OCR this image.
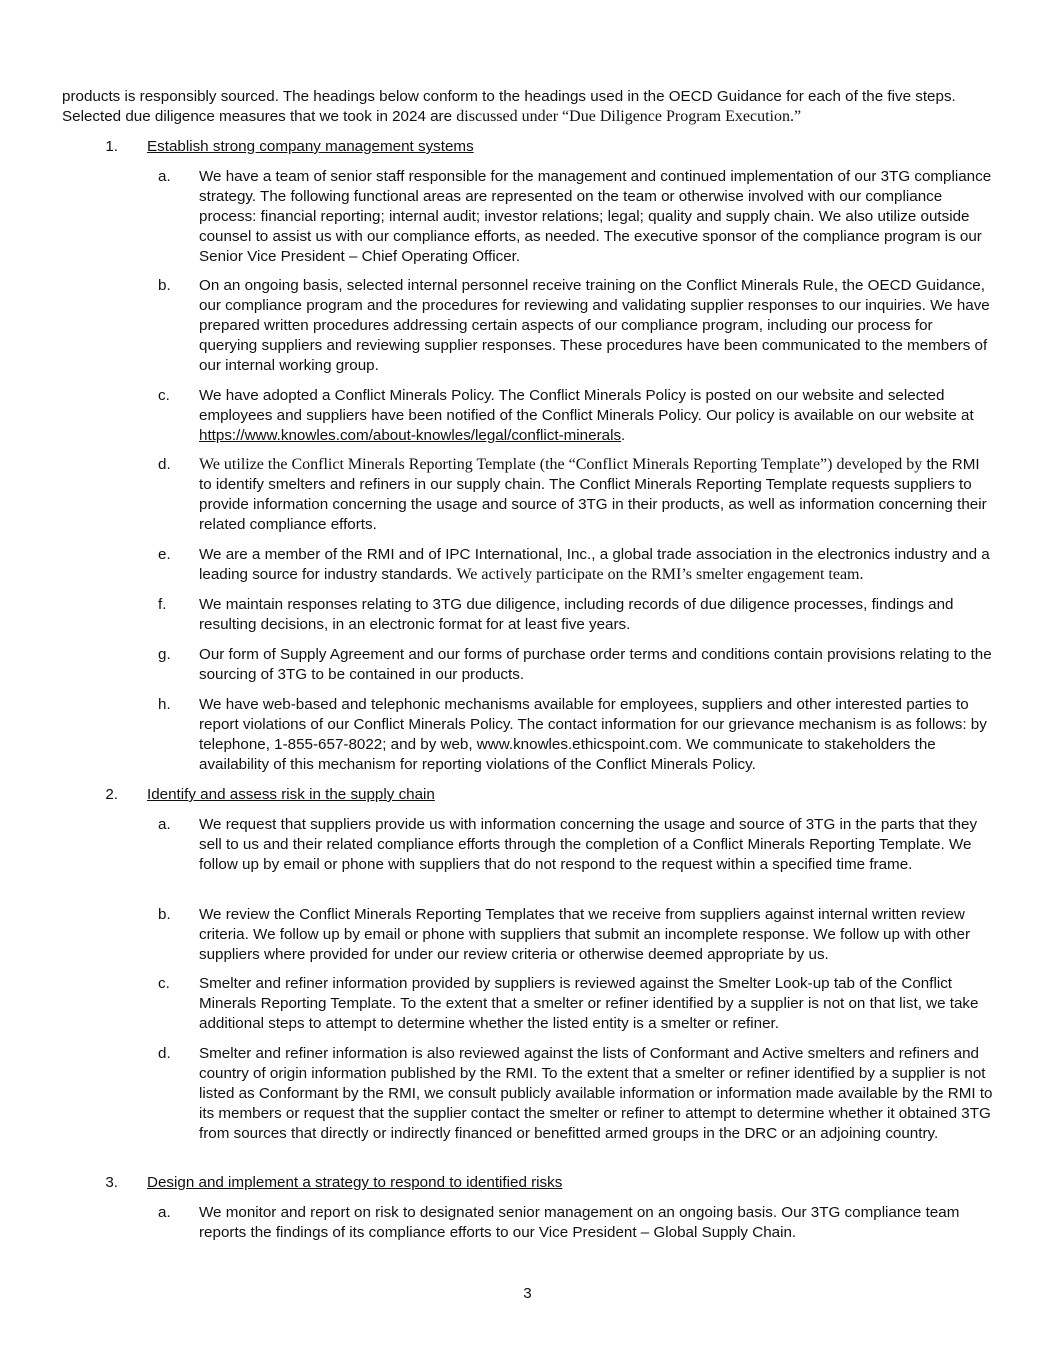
products is responsibly sourced. The headings below conform to the headings used in the OECD Guidance for each of the five steps. Selected due diligence measures that we took in 2024 are discussed under “Due Diligence Program Execution.”

1. Establish strong company management systems
a. We have a team of senior staff responsible for the management and continued implementation of our 3TG compliance strategy. The following functional areas are represented on the team or otherwise involved with our compliance process: financial reporting; internal audit; investor relations; legal; quality and supply chain. We also utilize outside counsel to assist us with our compliance efforts, as needed. The executive sponsor of the compliance program is our Senior Vice President – Chief Operating Officer.
b. On an ongoing basis, selected internal personnel receive training on the Conflict Minerals Rule, the OECD Guidance, our compliance program and the procedures for reviewing and validating supplier responses to our inquiries. We have prepared written procedures addressing certain aspects of our compliance program, including our process for querying suppliers and reviewing supplier responses. These procedures have been communicated to the members of our internal working group.
c. We have adopted a Conflict Minerals Policy. The Conflict Minerals Policy is posted on our website and selected employees and suppliers have been notified of the Conflict Minerals Policy. Our policy is available on our website at https://www.knowles.com/about-knowles/legal/conflict-minerals.
d. We utilize the Conflict Minerals Reporting Template (the “Conflict Minerals Reporting Template”) developed by the RMI to identify smelters and refiners in our supply chain. The Conflict Minerals Reporting Template requests suppliers to provide information concerning the usage and source of 3TG in their products, as well as information concerning their related compliance efforts.
e. We are a member of the RMI and of IPC International, Inc., a global trade association in the electronics industry and a leading source for industry standards. We actively participate on the RMI’s smelter engagement team.
f. We maintain responses relating to 3TG due diligence, including records of due diligence processes, findings and resulting decisions, in an electronic format for at least five years.
g. Our form of Supply Agreement and our forms of purchase order terms and conditions contain provisions relating to the sourcing of 3TG to be contained in our products.
h. We have web-based and telephonic mechanisms available for employees, suppliers and other interested parties to report violations of our Conflict Minerals Policy. The contact information for our grievance mechanism is as follows: by telephone, 1-855-657-8022; and by web, www.knowles.ethicspoint.com. We communicate to stakeholders the availability of this mechanism for reporting violations of the Conflict Minerals Policy.
2. Identify and assess risk in the supply chain
a. We request that suppliers provide us with information concerning the usage and source of 3TG in the parts that they sell to us and their related compliance efforts through the completion of a Conflict Minerals Reporting Template. We follow up by email or phone with suppliers that do not respond to the request within a specified time frame.
b. We review the Conflict Minerals Reporting Templates that we receive from suppliers against internal written review criteria. We follow up by email or phone with suppliers that submit an incomplete response. We follow up with other suppliers where provided for under our review criteria or otherwise deemed appropriate by us.
c. Smelter and refiner information provided by suppliers is reviewed against the Smelter Look-up tab of the Conflict Minerals Reporting Template. To the extent that a smelter or refiner identified by a supplier is not on that list, we take additional steps to attempt to determine whether the listed entity is a smelter or refiner.
d. Smelter and refiner information is also reviewed against the lists of Conformant and Active smelters and refiners and country of origin information published by the RMI. To the extent that a smelter or refiner identified by a supplier is not listed as Conformant by the RMI, we consult publicly available information or information made available by the RMI to its members or request that the supplier contact the smelter or refiner to attempt to determine whether it obtained 3TG from sources that directly or indirectly financed or benefitted armed groups in the DRC or an adjoining country.
3. Design and implement a strategy to respond to identified risks
a. We monitor and report on risk to designated senior management on an ongoing basis. Our 3TG compliance team reports the findings of its compliance efforts to our Vice President – Global Supply Chain.
3
